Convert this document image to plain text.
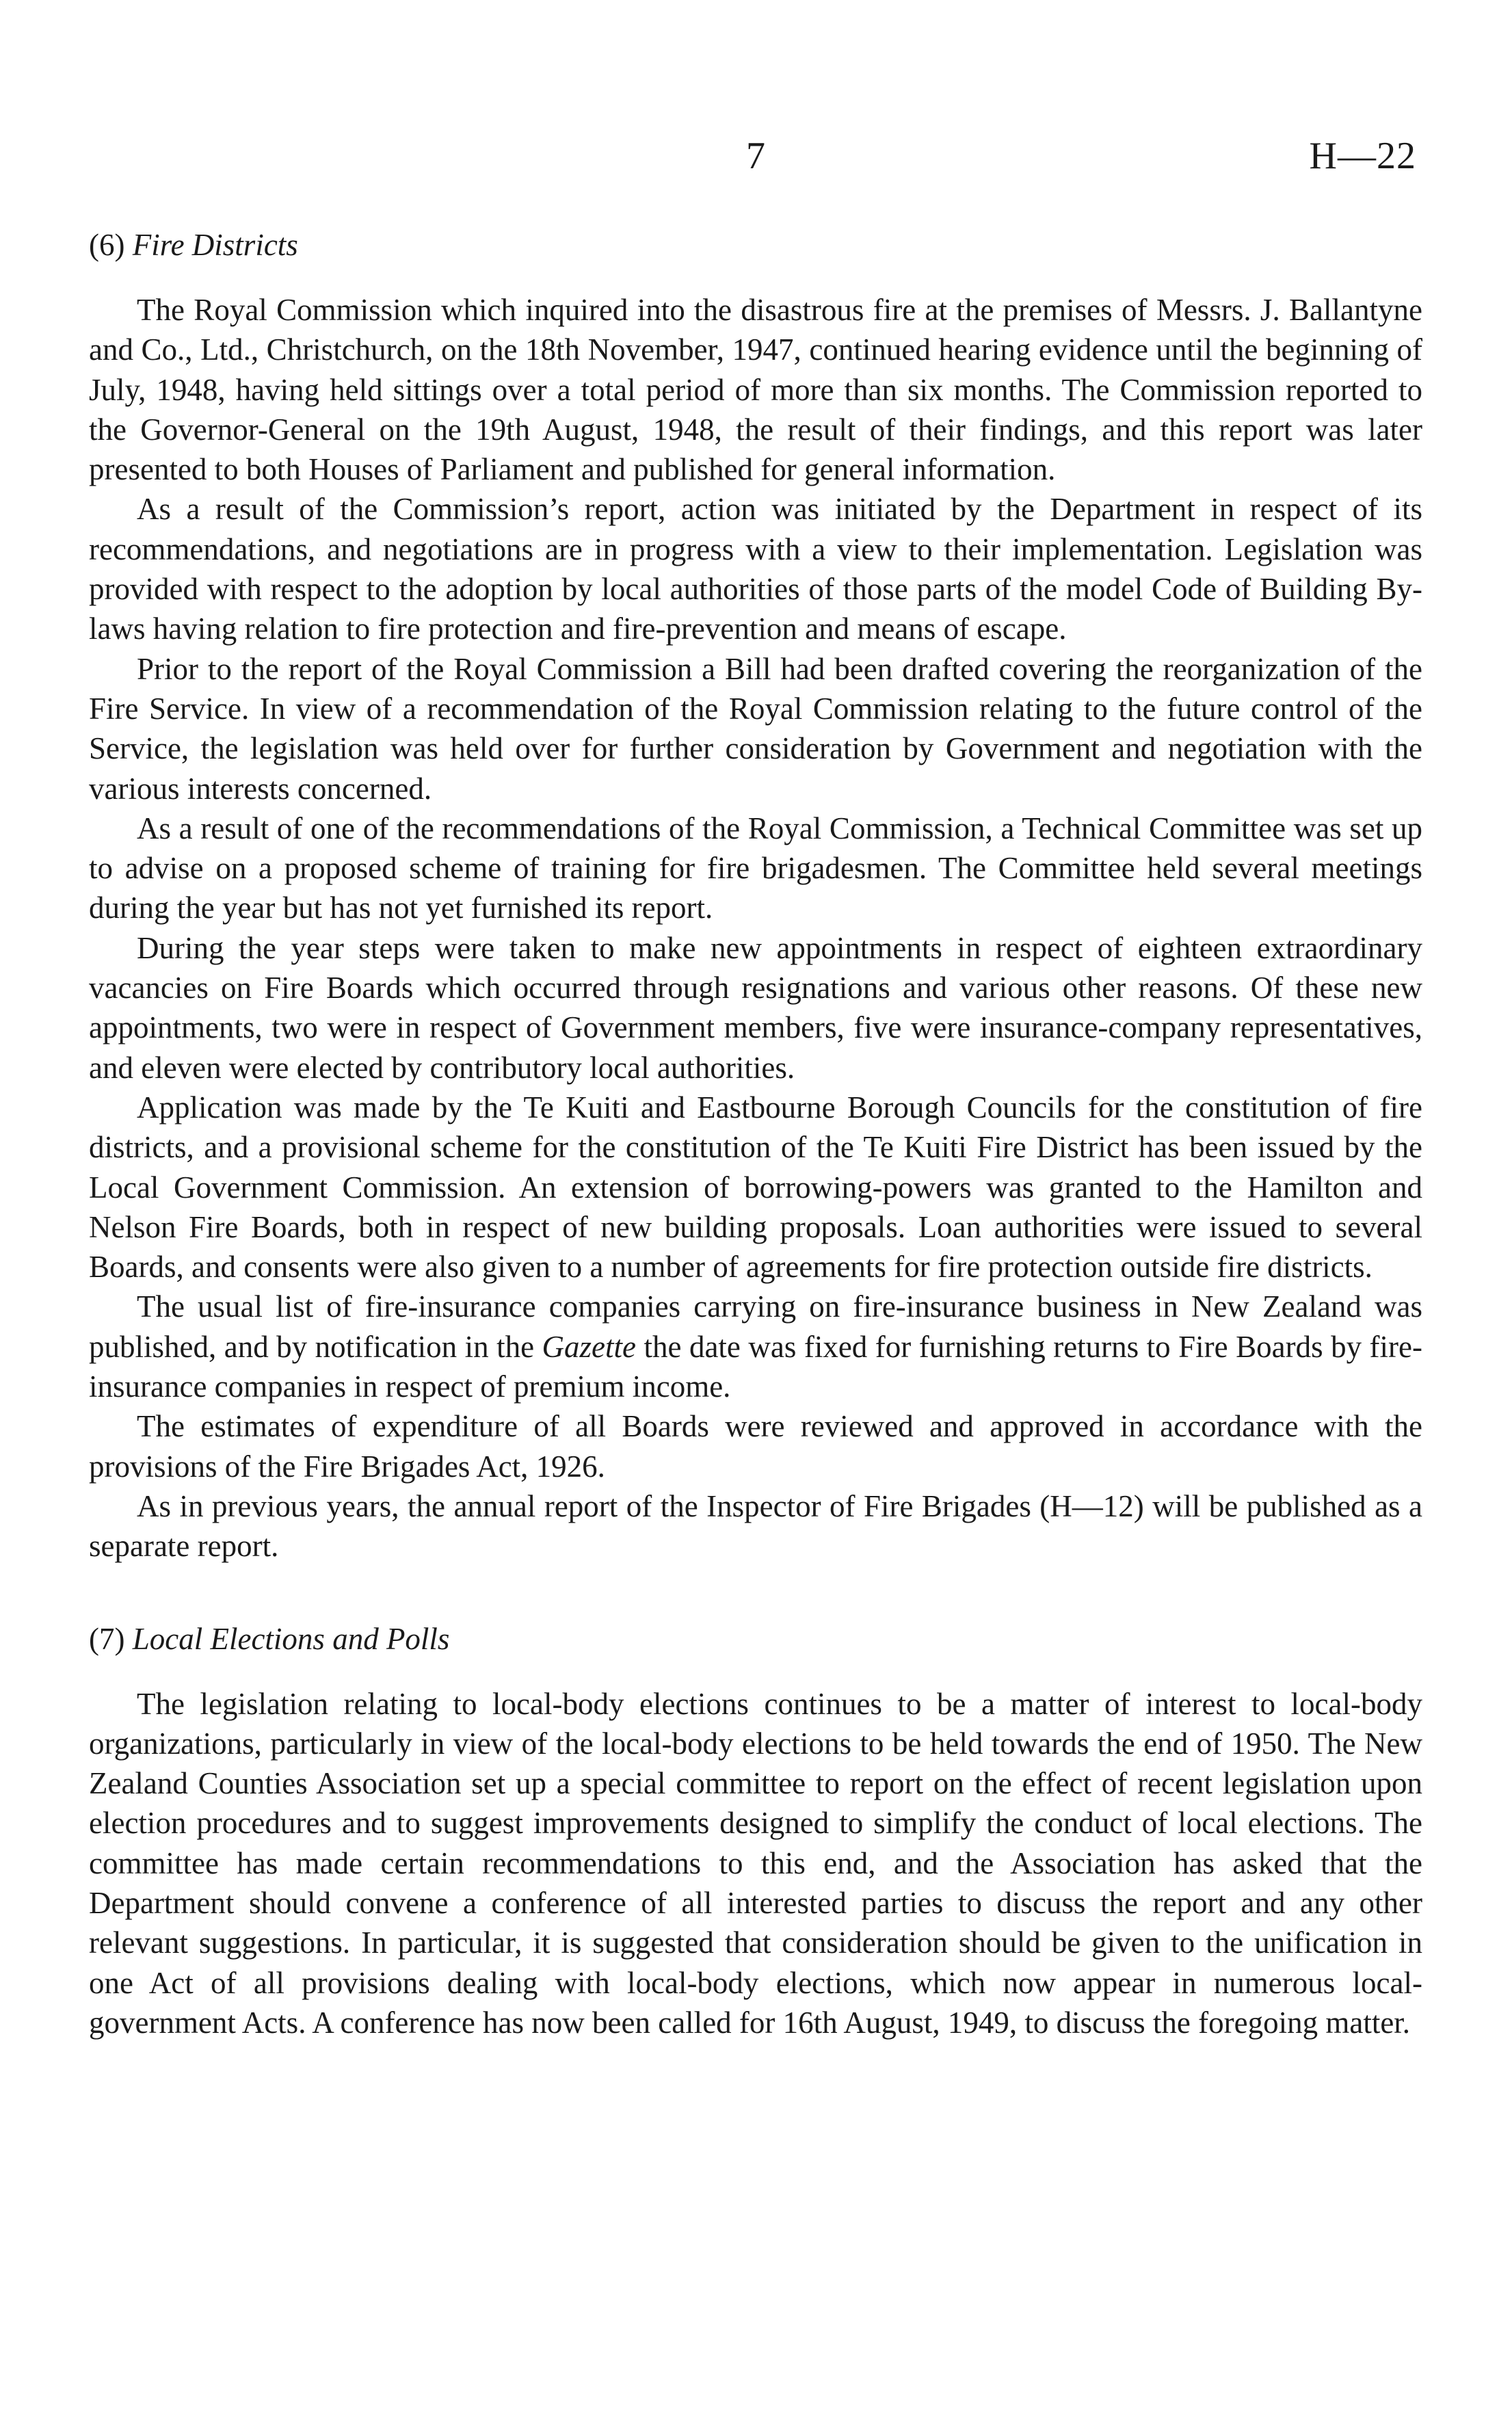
7	H—22
(6) Fire Districts

The Royal Commission which inquired into the disastrous fire at the premises of Messrs. J. Ballantyne and Co., Ltd., Christchurch, on the 18th November, 1947, continued hearing evidence until the beginning of July, 1948, having held sittings over a total period of more than six months. The Commission reported to the Governor-General on the 19th August, 1948, the result of their findings, and this report was later presented to both Houses of Parliament and published for general information.

As a result of the Commission’s report, action was initiated by the Department in respect of its recommendations, and negotiations are in progress with a view to their implementation. Legislation was provided with respect to the adoption by local authorities of those parts of the model Code of Building By-laws having relation to fire protection and fire-prevention and means of escape.

Prior to the report of the Royal Commission a Bill had been drafted covering the reorganization of the Fire Service. In view of a recommendation of the Royal Commission relating to the future control of the Service, the legislation was held over for further consideration by Government and negotiation with the various interests concerned.

As a result of one of the recommendations of the Royal Commission, a Technical Committee was set up to advise on a proposed scheme of training for fire brigadesmen. The Committee held several meetings during the year but has not yet furnished its report.

During the year steps were taken to make new appointments in respect of eighteen extraordinary vacancies on Fire Boards which occurred through resignations and various other reasons. Of these new appointments, two were in respect of Government members, five were insurance-company representatives, and eleven were elected by contributory local authorities.

Application was made by the Te Kuiti and Eastbourne Borough Councils for the constitution of fire districts, and a provisional scheme for the constitution of the Te Kuiti Fire District has been issued by the Local Government Commission. An extension of borrowing-powers was granted to the Hamilton and Nelson Fire Boards, both in respect of new building proposals. Loan authorities were issued to several Boards, and consents were also given to a number of agreements for fire protection outside fire districts.

The usual list of fire-insurance companies carrying on fire-insurance business in New Zealand was published, and by notification in the Gazette the date was fixed for furnishing returns to Fire Boards by fire-insurance companies in respect of premium income.

The estimates of expenditure of all Boards were reviewed and approved in accordance with the provisions of the Fire Brigades Act, 1926.

As in previous years, the annual report of the Inspector of Fire Brigades (H—12) will be published as a separate report.

(7) Local Elections and Polls

The legislation relating to local-body elections continues to be a matter of interest to local-body organizations, particularly in view of the local-body elections to be held towards the end of 1950. The New Zealand Counties Association set up a special committee to report on the effect of recent legislation upon election procedures and to suggest improvements designed to simplify the conduct of local elections. The committee has made certain recommendations to this end, and the Association has asked that the Department should convene a conference of all interested parties to discuss the report and any other relevant suggestions. In particular, it is suggested that consideration should be given to the unification in one Act of all provisions dealing with local-body elections, which now appear in numerous local-government Acts. A conference has now been called for 16th August, 1949, to discuss the foregoing matter.
